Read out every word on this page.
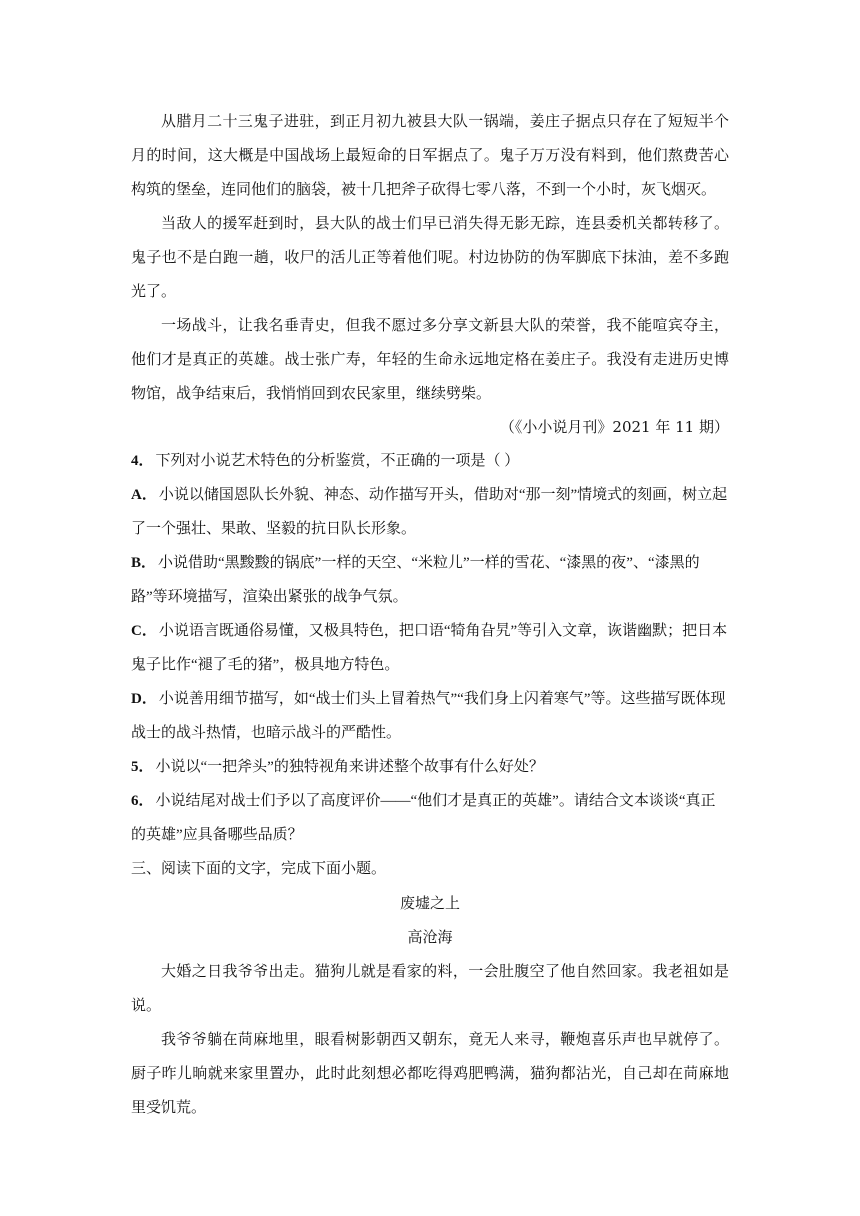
从腊月二十三鬼子进驻，到正月初九被县大队一锅端，姜庄子据点只存在了短短半个月的时间，这大概是中国战场上最短命的日军据点了。鬼子万万没有料到，他们熬费苦心构筑的堡垒，连同他们的脑袋，被十几把斧子砍得七零八落，不到一个小时，灰飞烟灭。

当敌人的援军赶到时，县大队的战士们早已消失得无影无踪，连县委机关都转移了。鬼子也不是白跑一趟，收尸的活儿正等着他们呢。村边协防的伪军脚底下抹油，差不多跑光了。

一场战斗，让我名垂青史，但我不愿过多分享文新县大队的荣誉，我不能喧宾夺主，他们才是真正的英雄。战士张广寿，年轻的生命永远地定格在姜庄子。我没有走进历史博物馆，战争结束后，我悄悄回到农民家里，继续劈柴。

（《小小说月刊》2021 年 11 期）

4． 下列对小说艺术特色的分析鉴赏，不正确的一项是（ ）

A． 小说以储国恩队长外貌、神态、动作描写开头，借助对“那一刻”情境式的刻画，树立起了一个强壮、果敢、坚毅的抗日队长形象。

B． 小说借助“黑黢黢的锅底”一样的天空、“米粒儿”一样的雪花、“漆黑的夜”、“漆黑的路”等环境描写，渲染出紧张的战争气氛。

C． 小说语言既通俗易懂，又极具特色，把口语“犄角旮旯”等引入文章，诙谐幽默；把日本鬼子比作“褪了毛的猪”，极具地方特色。

D． 小说善用细节描写，如“战士们头上冒着热气”“我们身上闪着寒气”等。这些描写既体现战士的战斗热情，也暗示战斗的严酷性。

5． 小说以“一把斧头”的独特视角来讲述整个故事有什么好处？

6． 小说结尾对战士们予以了高度评价——“他们才是真正的英雄”。请结合文本谈谈“真正的英雄”应具备哪些品质？

三、阅读下面的文字，完成下面小题。

废墟之上

高沧海

大婚之日我爷爷出走。猫狗儿就是看家的料，一会肚腹空了他自然回家。我老祖如是说。

我爷爷躺在苘麻地里，眼看树影朝西又朝东，竟无人来寻，鞭炮喜乐声也早就停了。厨子昨儿晌就来家里置办，此时此刻想必都吃得鸡肥鸭满，猫狗都沾光，自己却在苘麻地里受饥荒。
